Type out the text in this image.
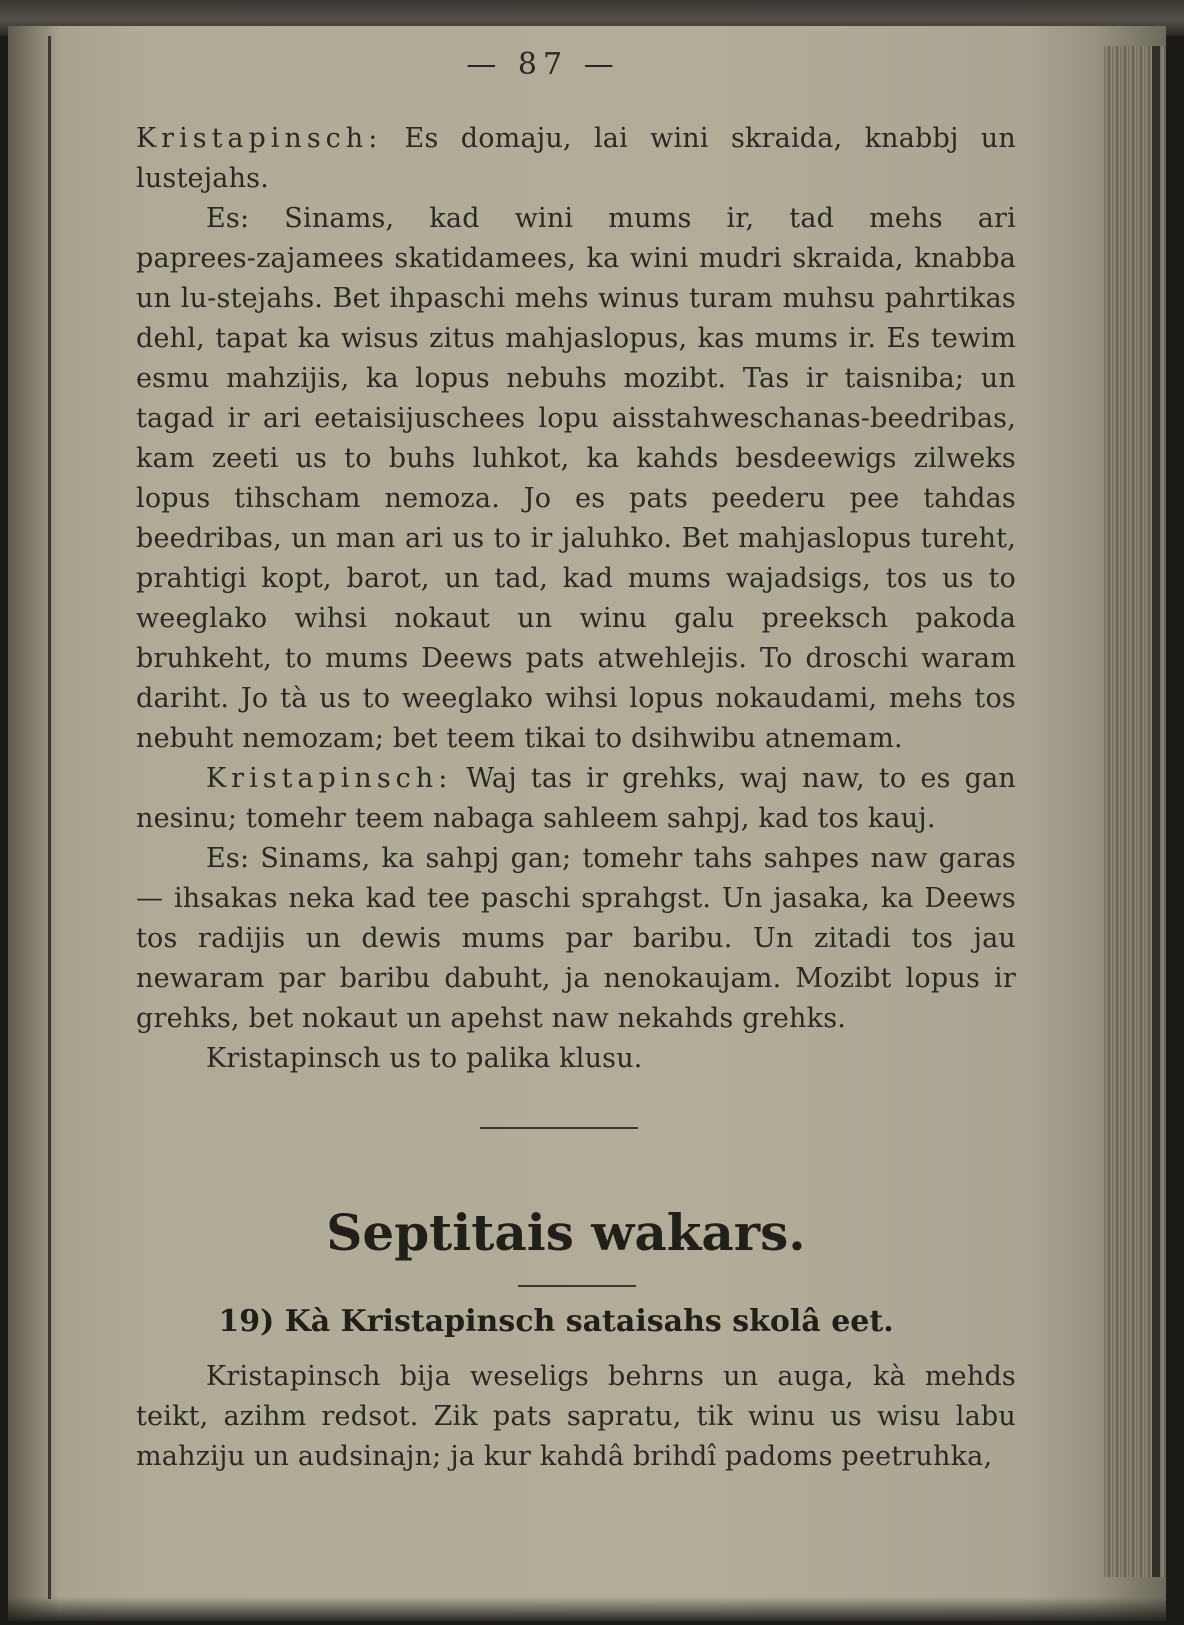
— 87 —

Kristapinsch: Es domaju, lai wini skraida, knabbj un lustejahs.

Es: Sinams, kad wini mums ir, tad mehs ari paprees‑zajamees skatidamees, ka wini mudri skraida, knabba un lu‑stejahs. Bet ihpaschi mehs winus turam muhsu pahrtikas dehl, tapat ka wisus zitus mahjaslopus, kas mums ir. Es tewim esmu mahzijis, ka lopus nebuhs mozibt. Tas ir taisniba; un tagad ir ari eetaisijuschees lopu aisstahweschanas‑beedribas, kam zeeti us to buhs luhkot, ka kahds besdeewigs zilweks lopus tihscham nemoza. Jo es pats peederu pee tahdas beedribas, un man ari us to ir jaluhko. Bet mahjaslopus tureht, prahtigi kopt, barot, un tad, kad mums wajadsigs, tos us to weeglako wihsi nokaut un winu galu preeksch pakoda bruhkeht, to mums Deews pats atwehlejis. To droschi waram dariht. Jo tà us to weeglako wihsi lopus nokaudami, mehs tos nebuht nemozam; bet teem tikai to dsihwibu atnemam.

Kristapinsch: Waj tas ir grehks, waj naw, to es gan nesinu; tomehr teem nabaga sahleem sahpj, kad tos kauj.

Es: Sinams, ka sahpj gan; tomehr tahs sahpes naw garas — ihsakas neka kad tee paschi sprahgst. Un jasaka, ka Deews tos radijis un dewis mums par baribu. Un zitadi tos jau newaram par baribu dabuht, ja nenokaujam. Mozibt lopus ir grehks, bet nokaut un apehst naw nekahds grehks.

Kristapinsch us to palika klusu.

Septitais wakars.
19) Kà Kristapinsch sataisahs skolâ eet.

Kristapinsch bija weseligs behrns un auga, kà mehds teikt, azihm redsot. Zik pats sapratu, tik winu us wisu labu mahziju un audsinajn; ja kur kahdâ brihdî padoms peetruhka,
